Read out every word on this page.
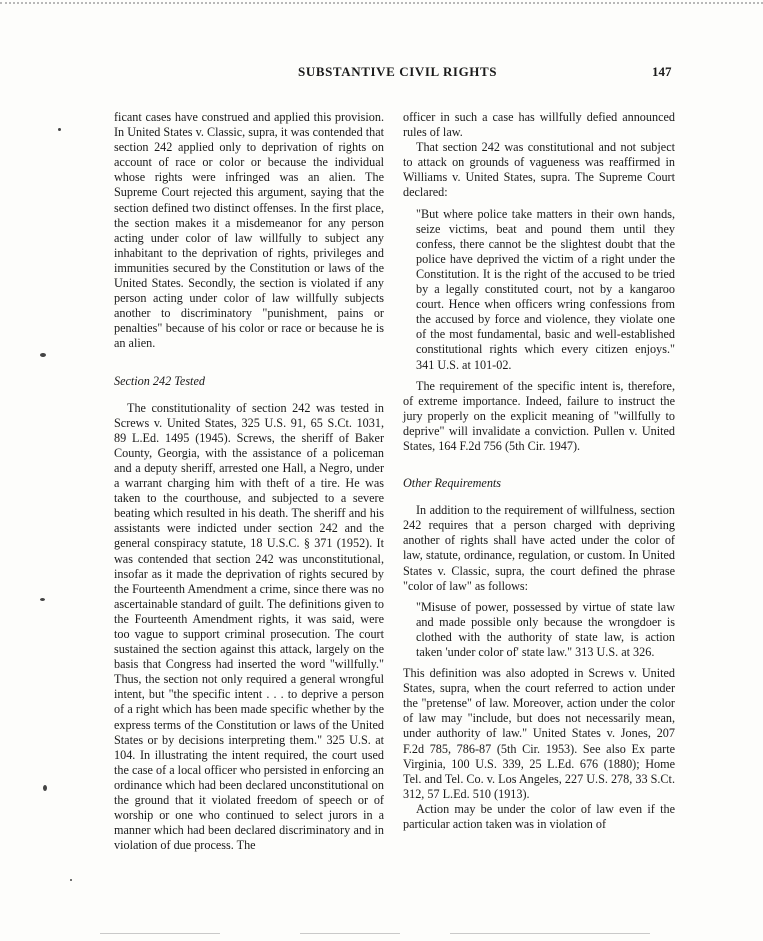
SUBSTANTIVE CIVIL RIGHTS	147

ficant cases have construed and applied this provision. In United States v. Classic, supra, it was contended that section 242 applied only to deprivation of rights on account of race or color or because the individual whose rights were infringed was an alien. The Supreme Court rejected this argument, saying that the section defined two distinct offenses. In the first place, the section makes it a misdemeanor for any person acting under color of law willfully to subject any inhabitant to the deprivation of rights, privileges and immunities secured by the Constitution or laws of the United States. Secondly, the section is violated if any person acting under color of law willfully subjects another to discriminatory "punishment, pains or penalties" because of his color or race or because he is an alien.

Section 242 Tested

The constitutionality of section 242 was tested in Screws v. United States, 325 U.S. 91, 65 S.Ct. 1031, 89 L.Ed. 1495 (1945). Screws, the sheriff of Baker County, Georgia, with the assistance of a policeman and a deputy sheriff, arrested one Hall, a Negro, under a warrant charging him with theft of a tire. He was taken to the courthouse, and subjected to a severe beating which resulted in his death. The sheriff and his assistants were indicted under section 242 and the general conspiracy statute, 18 U.S.C. § 371 (1952). It was contended that section 242 was unconstitutional, insofar as it made the deprivation of rights secured by the Fourteenth Amendment a crime, since there was no ascertainable standard of guilt. The definitions given to the Fourteenth Amendment rights, it was said, were too vague to support criminal prosecution. The court sustained the section against this attack, largely on the basis that Congress had inserted the word "willfully." Thus, the section not only required a general wrongful intent, but "the specific intent . . . to deprive a person of a right which has been made specific whether by the express terms of the Constitution or laws of the United States or by decisions interpreting them." 325 U.S. at 104. In illustrating the intent required, the court used the case of a local officer who persisted in enforcing an ordinance which had been declared unconstitutional on the ground that it violated freedom of speech or of worship or one who continued to select jurors in a manner which had been declared discriminatory and in violation of due process. The

officer in such a case has willfully defied announced rules of law.

That section 242 was constitutional and not subject to attack on grounds of vagueness was reaffirmed in Williams v. United States, supra. The Supreme Court declared:

"But where police take matters in their own hands, seize victims, beat and pound them until they confess, there cannot be the slightest doubt that the police have deprived the victim of a right under the Constitution. It is the right of the accused to be tried by a legally constituted court, not by a kangaroo court. Hence when officers wring confessions from the accused by force and violence, they violate one of the most fundamental, basic and well-established constitutional rights which every citizen enjoys." 341 U.S. at 101-02.

The requirement of the specific intent is, therefore, of extreme importance. Indeed, failure to instruct the jury properly on the explicit meaning of "willfully to deprive" will invalidate a conviction. Pullen v. United States, 164 F.2d 756 (5th Cir. 1947).

Other Requirements

In addition to the requirement of willfulness, section 242 requires that a person charged with depriving another of rights shall have acted under the color of law, statute, ordinance, regulation, or custom. In United States v. Classic, supra, the court defined the phrase "color of law" as follows:

"Misuse of power, possessed by virtue of state law and made possible only because the wrongdoer is clothed with the authority of state law, is action taken 'under color of' state law." 313 U.S. at 326.

This definition was also adopted in Screws v. United States, supra, when the court referred to action under the "pretense" of law. Moreover, action under the color of law may "include, but does not necessarily mean, under authority of law." United States v. Jones, 207 F.2d 785, 786-87 (5th Cir. 1953). See also Ex parte Virginia, 100 U.S. 339, 25 L.Ed. 676 (1880); Home Tel. and Tel. Co. v. Los Angeles, 227 U.S. 278, 33 S.Ct. 312, 57 L.Ed. 510 (1913).

Action may be under the color of law even if the particular action taken was in violation of
